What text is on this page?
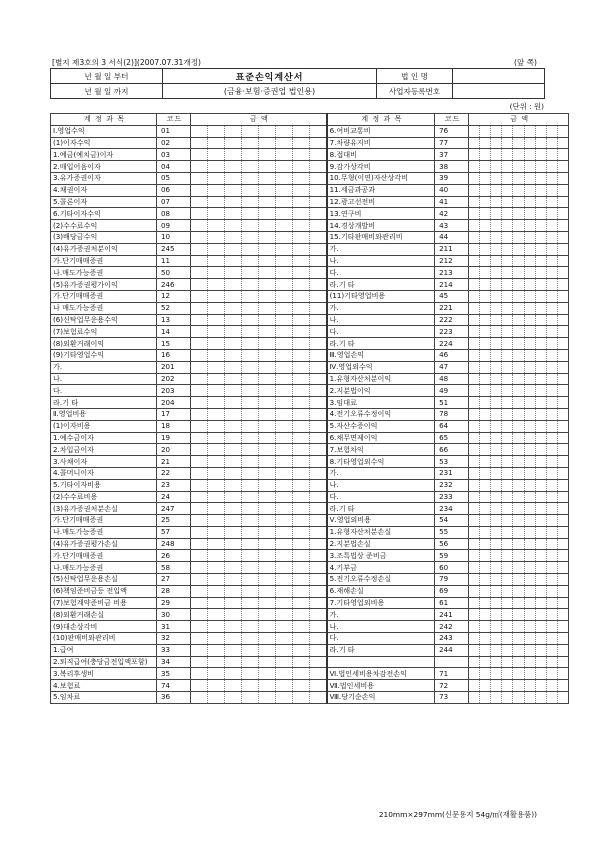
[별지 제3호의 3 서식(2)](2007.07.31개정)	(앞 쪽)
년 월 일 부터	표준손익계산서	법 인 명	
년 월 일 까지	(금융·보험·증권업 법인용)	사업자등록번호	
(단위 : 원)
계 정 과 목	코드	금 액								계 정 과 목	코드	금 액								
Ⅰ.영업수익	01									6.여비교통비	76									
(1)이자수익	02									7.차량유지비	77									
1.예금(예치금)이자	03									8.접대비	37									
2.매입어음이자	04									9.감가상각비	38									
3.유가증권이자	05									10.무형(이연)자산상각비	39									
4.채권이자	06									11.세금과공과	40									
5.콜론이자	07									12.광고선전비	41									
6.기타이자수익	08									13.연구비	42									
(2)수수료수익	09									14.경상개발비	43									
(3)배당금수익	10									15.기타판매비와관리비	44									
(4)유가증권처분이익	245									가.	211									
가.단기매매증권	11									나.	212									
나.매도가능증권	50									다.	213									
(5)유가증권평가이익	246									라.기 타	214									
가.단기매매증권	12									(11)기타영업비용	45									
나 매도가능증권	52									가.	221									
(6)신탁업무운용수익	13									나.	222									
(7)보험료수익	14									다.	223									
(8)외환거래이익	15									라.기 타	224									
(9)기타영업수익	16									Ⅲ.영업손익	46									
가.	201									Ⅳ.영업외수익	47									
나.	202									1.유형자산처분이익	48									
다.	203									2.지분법이익	49									
라.기 타	204									3.임대료	51									
Ⅱ.영업비용	17									4.전기오류수정이익	78									
(1)이자비용	18									5.자산수증이익	64									
1.예수금이자	19									6.채무면제이익	65									
2.차입금이자	20									7.보험차익	66									
3.사채이자	21									8.기타영업외수익	53									
4.콜머니이자	22									가.	231									
5.기타이자비용	23									나.	232									
(2)수수료비용	24									다.	233									
(3)유가증권처분손실	247									라.기 타	234									
가.단기매매증권	25									Ⅴ.영업외비용	54									
나.매도가능증권	57									1.유형자산처분손실	55									
(4)유가증권평가손실	248									2.지분법손실	56									
가.단기매매증권	26									3.조특법상 준비금	59									
나.매도가능증권	58									4.기부금	60									
(5)신탁업무운용손실	27									5.전기오류수정손실	79									
(6)책임준비금등 전입액	28									6.재해손실	69									
(7)보험계약준비금 비용	29									7.기타영업외비용	61									
(8)외환거래손실	30									가.	241									
(9)대손상각비	31									나.	242									
(10)판매비와관리비	32									다.	243									
1.급여	33									라.기 타	244									
2.퇴직급여(충당금전입액포함)	34																			
3.복리후생비	35									Ⅵ.법인세비용차감전손익	71									
4.보험료	74									Ⅶ.법인세비용	72									
5.임차료	36									Ⅷ.당기순손익	73									
210mm×297mm(신문용지 54g/㎡(재활용품))
